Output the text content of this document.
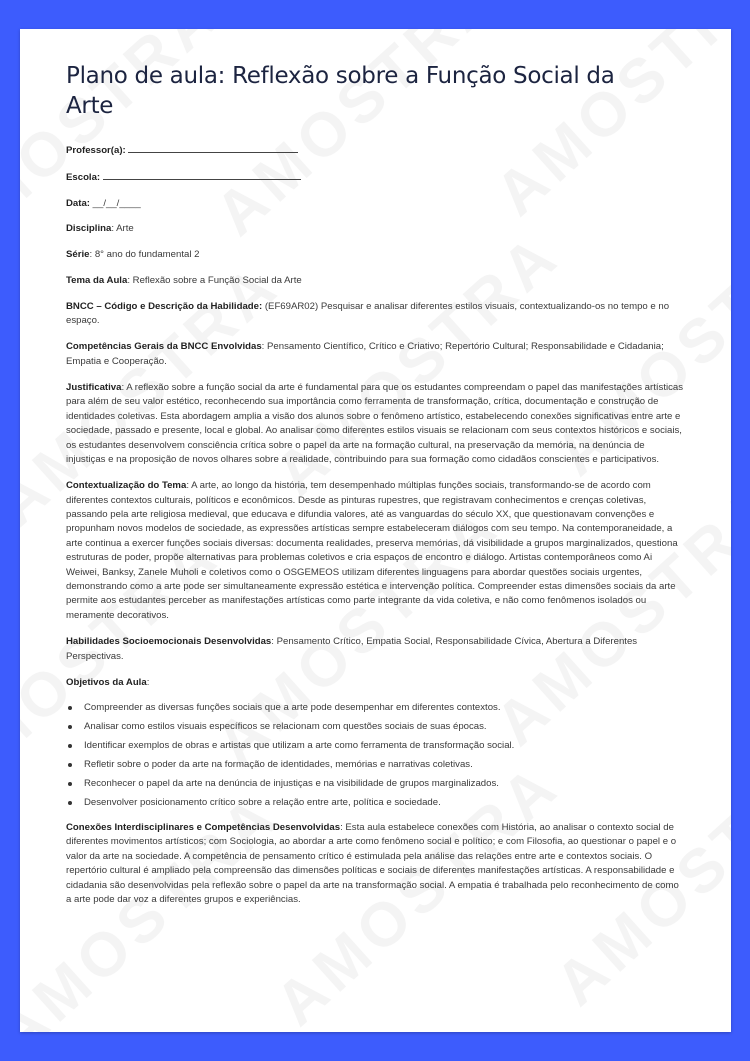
Plano de aula: Reflexão sobre a Função Social da Arte
Professor(a):
Escola:
Data: __/__/____
Disciplina: Arte
Série: 8° ano do fundamental 2
Tema da Aula: Reflexão sobre a Função Social da Arte

BNCC – Código e Descrição da Habilidade: (EF69AR02) Pesquisar e analisar diferentes estilos visuais, contextualizando-os no tempo e no espaço.

Competências Gerais da BNCC Envolvidas: Pensamento Científico, Crítico e Criativo; Repertório Cultural; Responsabilidade e Cidadania; Empatia e Cooperação.

Justificativa: A reflexão sobre a função social da arte é fundamental para que os estudantes compreendam o papel das manifestações artísticas para além de seu valor estético, reconhecendo sua importância como ferramenta de transformação, crítica, documentação e construção de identidades coletivas. Esta abordagem amplia a visão dos alunos sobre o fenômeno artístico, estabelecendo conexões significativas entre arte e sociedade, passado e presente, local e global. Ao analisar como diferentes estilos visuais se relacionam com seus contextos históricos e sociais, os estudantes desenvolvem consciência crítica sobre o papel da arte na formação cultural, na preservação da memória, na denúncia de injustiças e na proposição de novos olhares sobre a realidade, contribuindo para sua formação como cidadãos conscientes e participativos.

Contextualização do Tema: A arte, ao longo da história, tem desempenhado múltiplas funções sociais, transformando-se de acordo com diferentes contextos culturais, políticos e econômicos. Desde as pinturas rupestres, que registravam conhecimentos e crenças coletivas, passando pela arte religiosa medieval, que educava e difundia valores, até as vanguardas do século XX, que questionavam convenções e propunham novos modelos de sociedade, as expressões artísticas sempre estabeleceram diálogos com seu tempo. Na contemporaneidade, a arte continua a exercer funções sociais diversas: documenta realidades, preserva memórias, dá visibilidade a grupos marginalizados, questiona estruturas de poder, propõe alternativas para problemas coletivos e cria espaços de encontro e diálogo. Artistas contemporâneos como Ai Weiwei, Banksy, Zanele Muholi e coletivos como o OSGEMEOS utilizam diferentes linguagens para abordar questões sociais urgentes, demonstrando como a arte pode ser simultaneamente expressão estética e intervenção política. Compreender estas dimensões sociais da arte permite aos estudantes perceber as manifestações artísticas como parte integrante da vida coletiva, e não como fenômenos isolados ou meramente decorativos.

Habilidades Socioemocionais Desenvolvidas: Pensamento Crítico, Empatia Social, Responsabilidade Cívica, Abertura a Diferentes Perspectivas.

Objetivos da Aula:

Compreender as diversas funções sociais que a arte pode desempenhar em diferentes contextos.
Analisar como estilos visuais específicos se relacionam com questões sociais de suas épocas.
Identificar exemplos de obras e artistas que utilizam a arte como ferramenta de transformação social.
Refletir sobre o poder da arte na formação de identidades, memórias e narrativas coletivas.
Reconhecer o papel da arte na denúncia de injustiças e na visibilidade de grupos marginalizados.
Desenvolver posicionamento crítico sobre a relação entre arte, política e sociedade.

Conexões Interdisciplinares e Competências Desenvolvidas: Esta aula estabelece conexões com História, ao analisar o contexto social de diferentes movimentos artísticos; com Sociologia, ao abordar a arte como fenômeno social e político; e com Filosofia, ao questionar o papel e o valor da arte na sociedade. A competência de pensamento crítico é estimulada pela análise das relações entre arte e contextos sociais. O repertório cultural é ampliado pela compreensão das dimensões políticas e sociais de diferentes manifestações artísticas. A responsabilidade e cidadania são desenvolvidas pela reflexão sobre o papel da arte na transformação social. A empatia é trabalhada pelo reconhecimento de como a arte pode dar voz a diferentes grupos e experiências.
